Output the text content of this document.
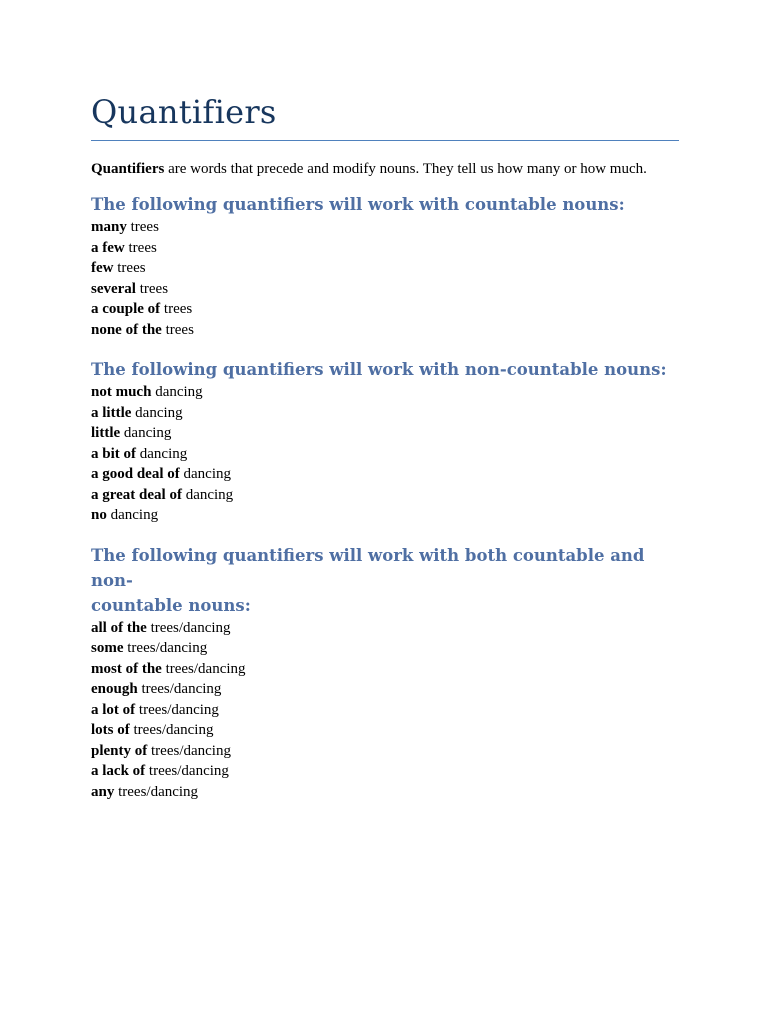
Quantifiers

Quantifiers are words that precede and modify nouns. They tell us how many or how much.

The following quantifiers will work with countable nouns:
many trees
a few trees
few trees
several trees
a couple of trees
none of the trees
The following quantifiers will work with non-countable nouns:
not much dancing
a little dancing
little dancing
a bit of dancing
a good deal of dancing
a great deal of dancing
no dancing
The following quantifiers will work with both countable and non-
countable nouns:
all of the trees/dancing
some trees/dancing
most of the trees/dancing
enough trees/dancing
a lot of trees/dancing
lots of trees/dancing
plenty of trees/dancing
a lack of trees/dancing
any trees/dancing
